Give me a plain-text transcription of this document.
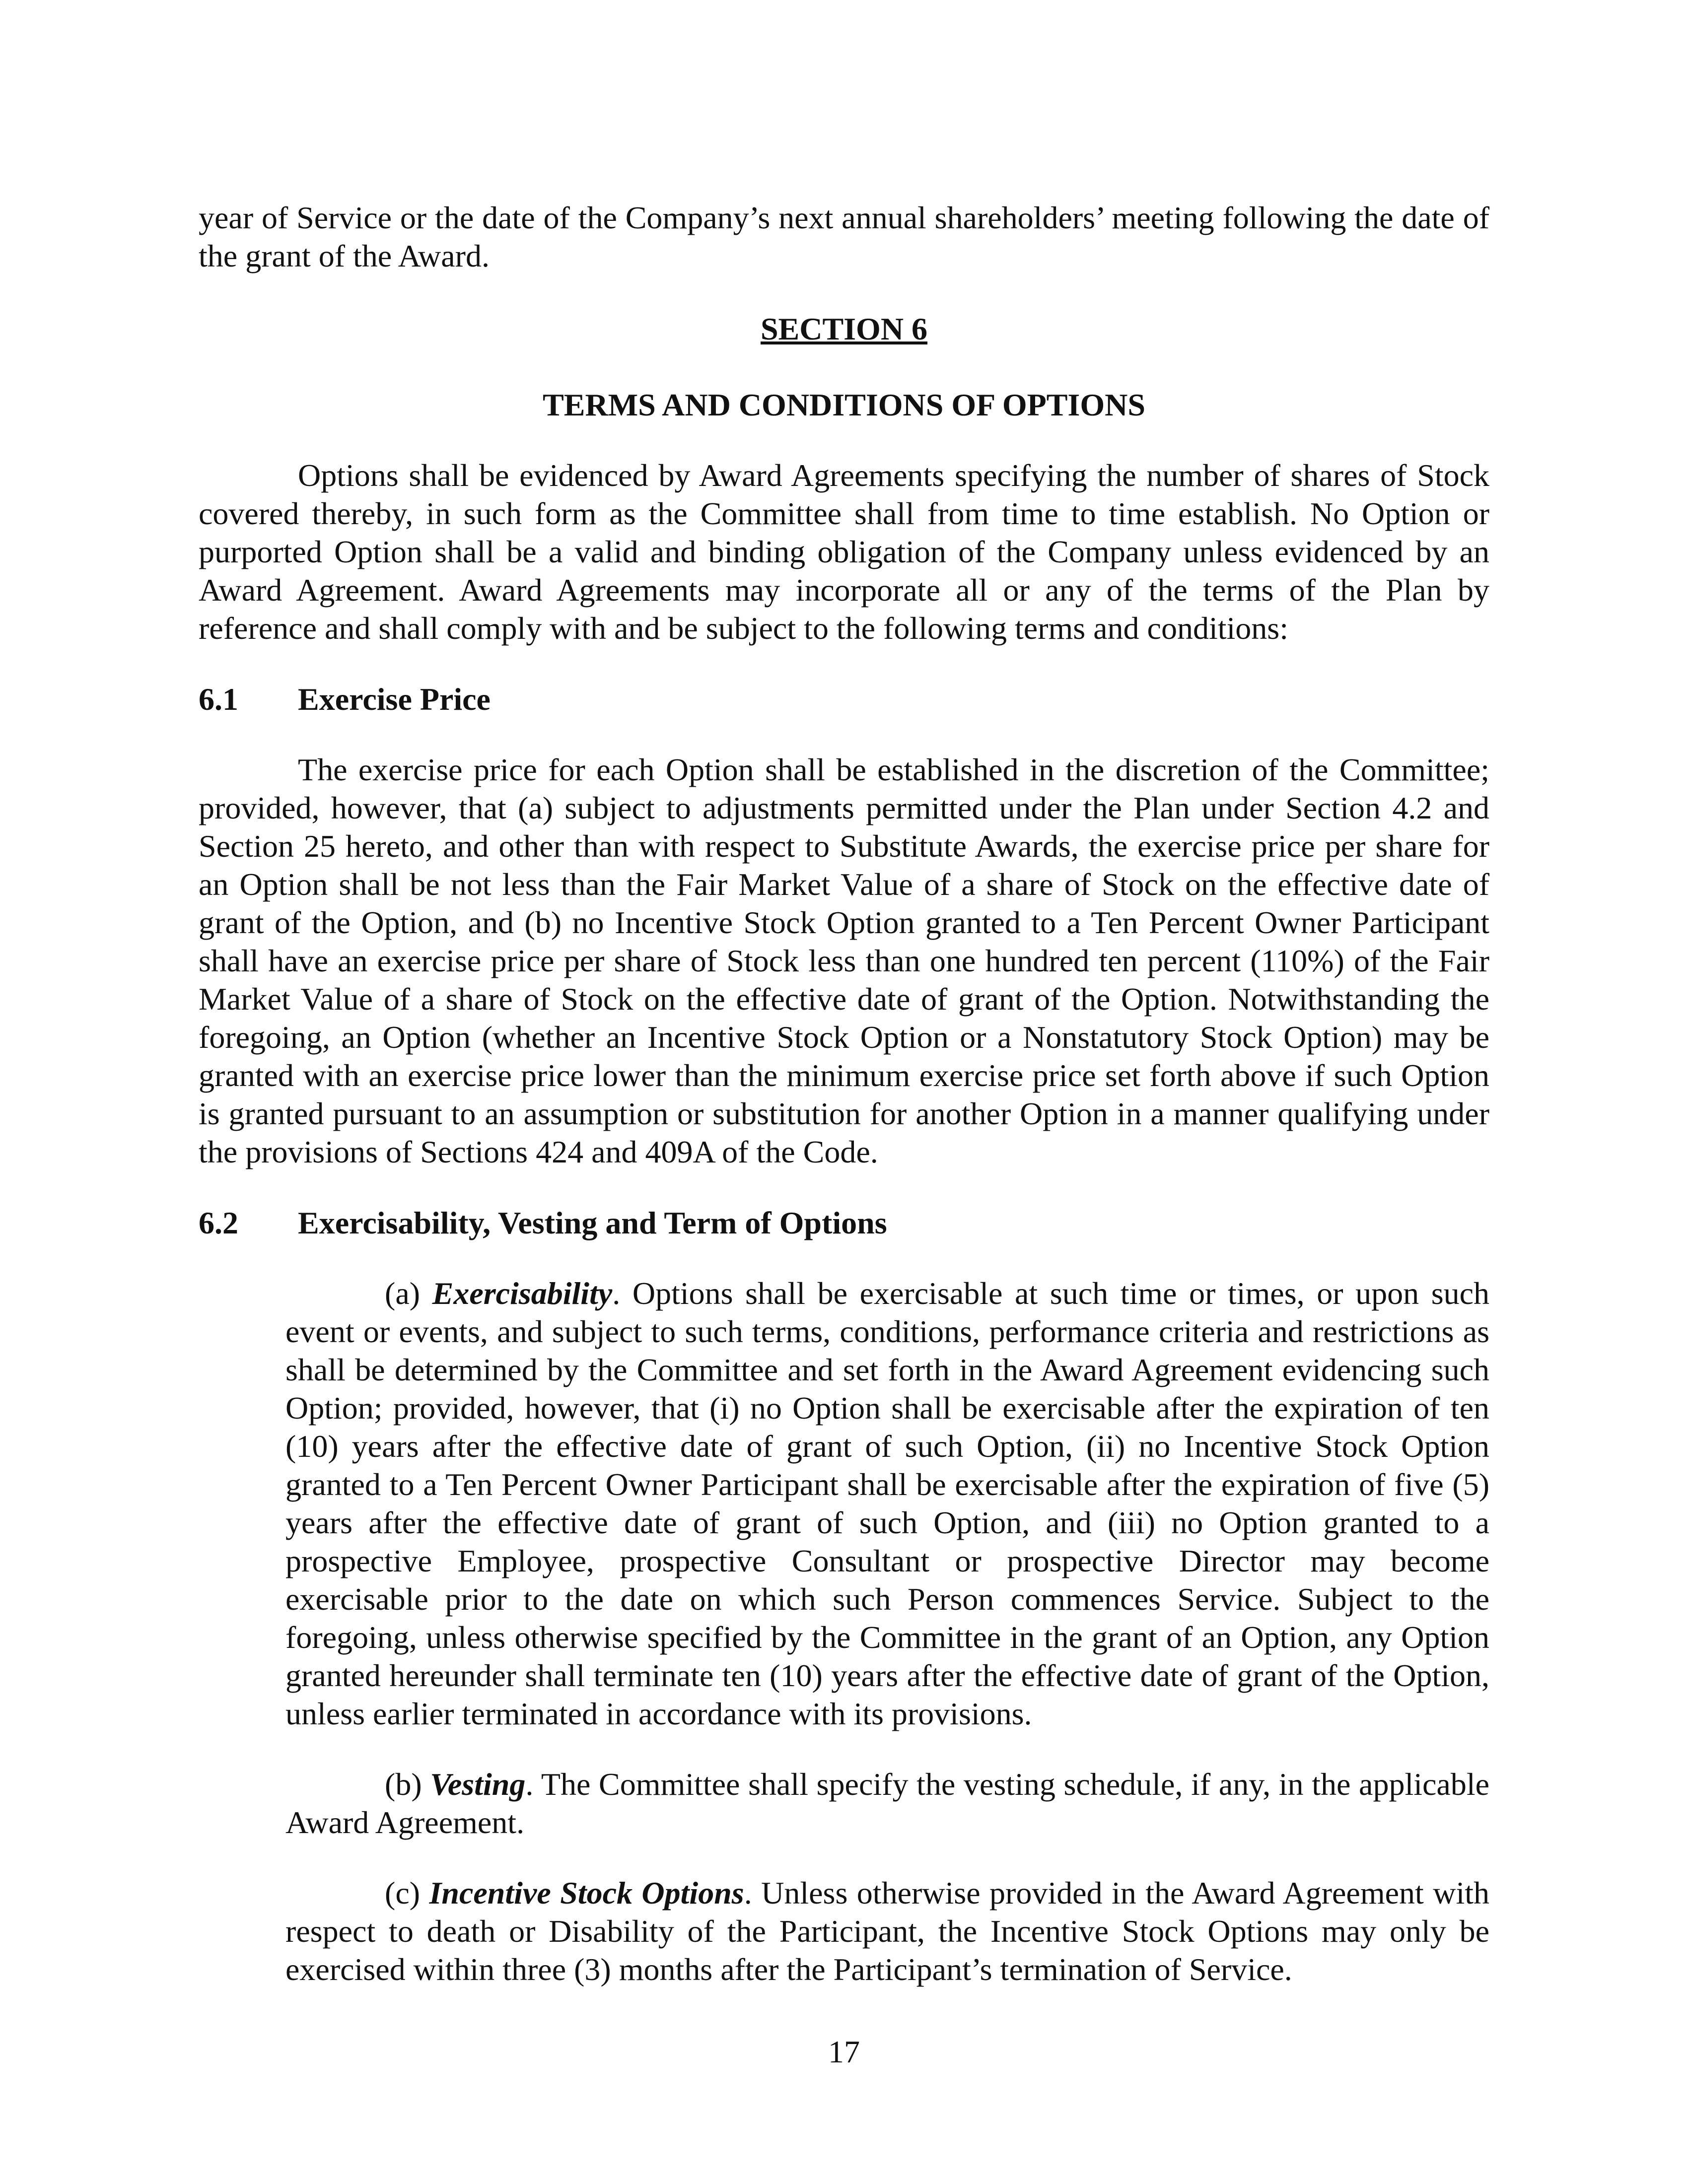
year of Service or the date of the Company’s next annual shareholders’ meeting following the date of the grant of the Award.

SECTION 6

TERMS AND CONDITIONS OF OPTIONS

Options shall be evidenced by Award Agreements specifying the number of shares of Stock covered thereby, in such form as the Committee shall from time to time establish. No Option or purported Option shall be a valid and binding obligation of the Company unless evidenced by an Award Agreement. Award Agreements may incorporate all or any of the terms of the Plan by reference and shall comply with and be subject to the following terms and conditions:

6.1	Exercise Price

The exercise price for each Option shall be established in the discretion of the Committee; provided, however, that (a) subject to adjustments permitted under the Plan under Section 4.2 and Section 25 hereto, and other than with respect to Substitute Awards, the exercise price per share for an Option shall be not less than the Fair Market Value of a share of Stock on the effective date of grant of the Option, and (b) no Incentive Stock Option granted to a Ten Percent Owner Participant shall have an exercise price per share of Stock less than one hundred ten percent (110%) of the Fair Market Value of a share of Stock on the effective date of grant of the Option. Notwithstanding the foregoing, an Option (whether an Incentive Stock Option or a Nonstatutory Stock Option) may be granted with an exercise price lower than the minimum exercise price set forth above if such Option is granted pursuant to an assumption or substitution for another Option in a manner qualifying under the provisions of Sections 424 and 409A of the Code.

6.2	Exercisability, Vesting and Term of Options

(a) Exercisability. Options shall be exercisable at such time or times, or upon such event or events, and subject to such terms, conditions, performance criteria and restrictions as shall be determined by the Committee and set forth in the Award Agreement evidencing such Option; provided, however, that (i) no Option shall be exercisable after the expiration of ten (10) years after the effective date of grant of such Option, (ii) no Incentive Stock Option granted to a Ten Percent Owner Participant shall be exercisable after the expiration of five (5) years after the effective date of grant of such Option, and (iii) no Option granted to a prospective Employee, prospective Consultant or prospective Director may become exercisable prior to the date on which such Person commences Service. Subject to the foregoing, unless otherwise specified by the Committee in the grant of an Option, any Option granted hereunder shall terminate ten (10) years after the effective date of grant of the Option, unless earlier terminated in accordance with its provisions.

(b) Vesting. The Committee shall specify the vesting schedule, if any, in the applicable Award Agreement.

(c) Incentive Stock Options. Unless otherwise provided in the Award Agreement with respect to death or Disability of the Participant, the Incentive Stock Options may only be exercised within three (3) months after the Participant’s termination of Service.

17
